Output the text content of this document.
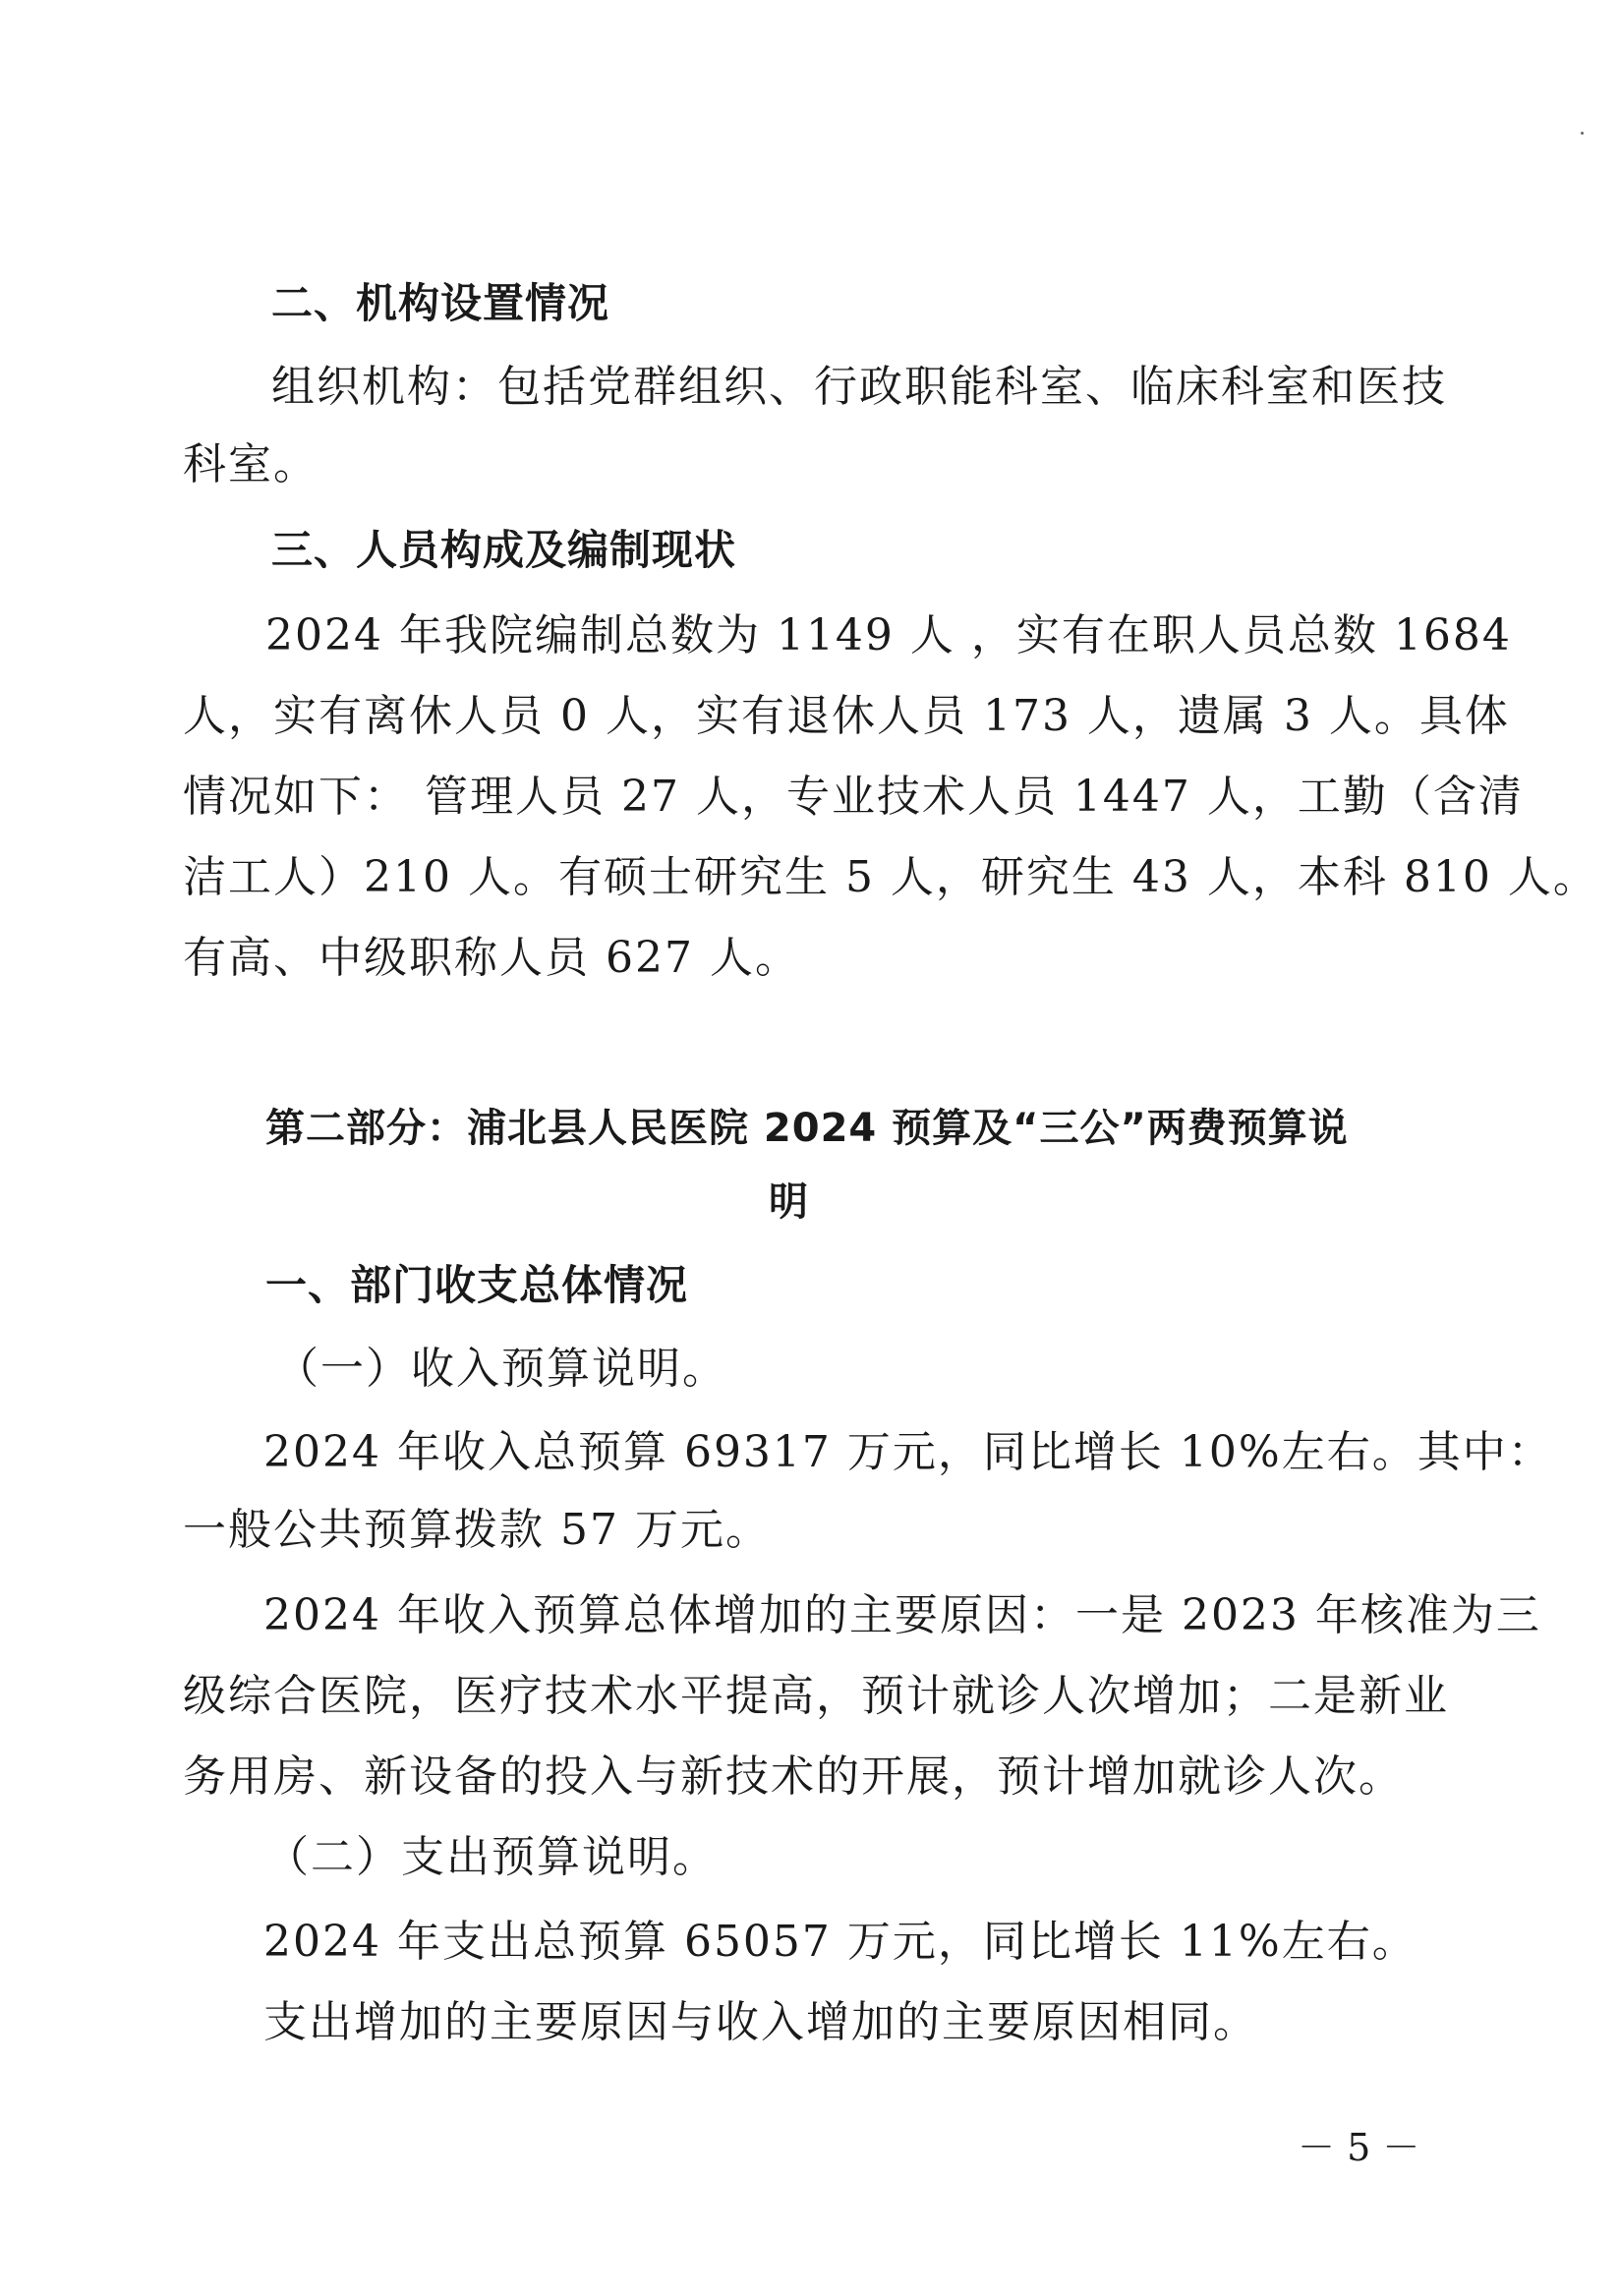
二、机构设置情况
组织机构：包括党群组织、行政职能科室、临床科室和医技
科室。
三、人员构成及编制现状
2024 年我院编制总数为 1149 人 ，实有在职人员总数 1684
人，实有离休人员 0 人，实有退休人员 173 人，遗属 3 人。具体
情况如下： 管理人员 27 人，专业技术人员 1447 人，工勤（含清
洁工人）210 人。有硕士研究生 5 人，研究生 43 人，本科 810 人。
有高、中级职称人员 627 人。
第二部分：浦北县人民医院 2024 预算及“三公”两费预算说
明
一、部门收支总体情况
（一）收入预算说明。
2024 年收入总预算 69317 万元，同比增长 10%左右。其中：
一般公共预算拨款 57 万元。
2024 年收入预算总体增加的主要原因：一是 2023 年核准为三
级综合医院，医疗技术水平提高，预计就诊人次增加；二是新业
务用房、新设备的投入与新技术的开展，预计增加就诊人次。
（二）支出预算说明。
2024 年支出总预算 65057 万元，同比增长 11%左右。
支出增加的主要原因与收入增加的主要原因相同。
－ 5 －
